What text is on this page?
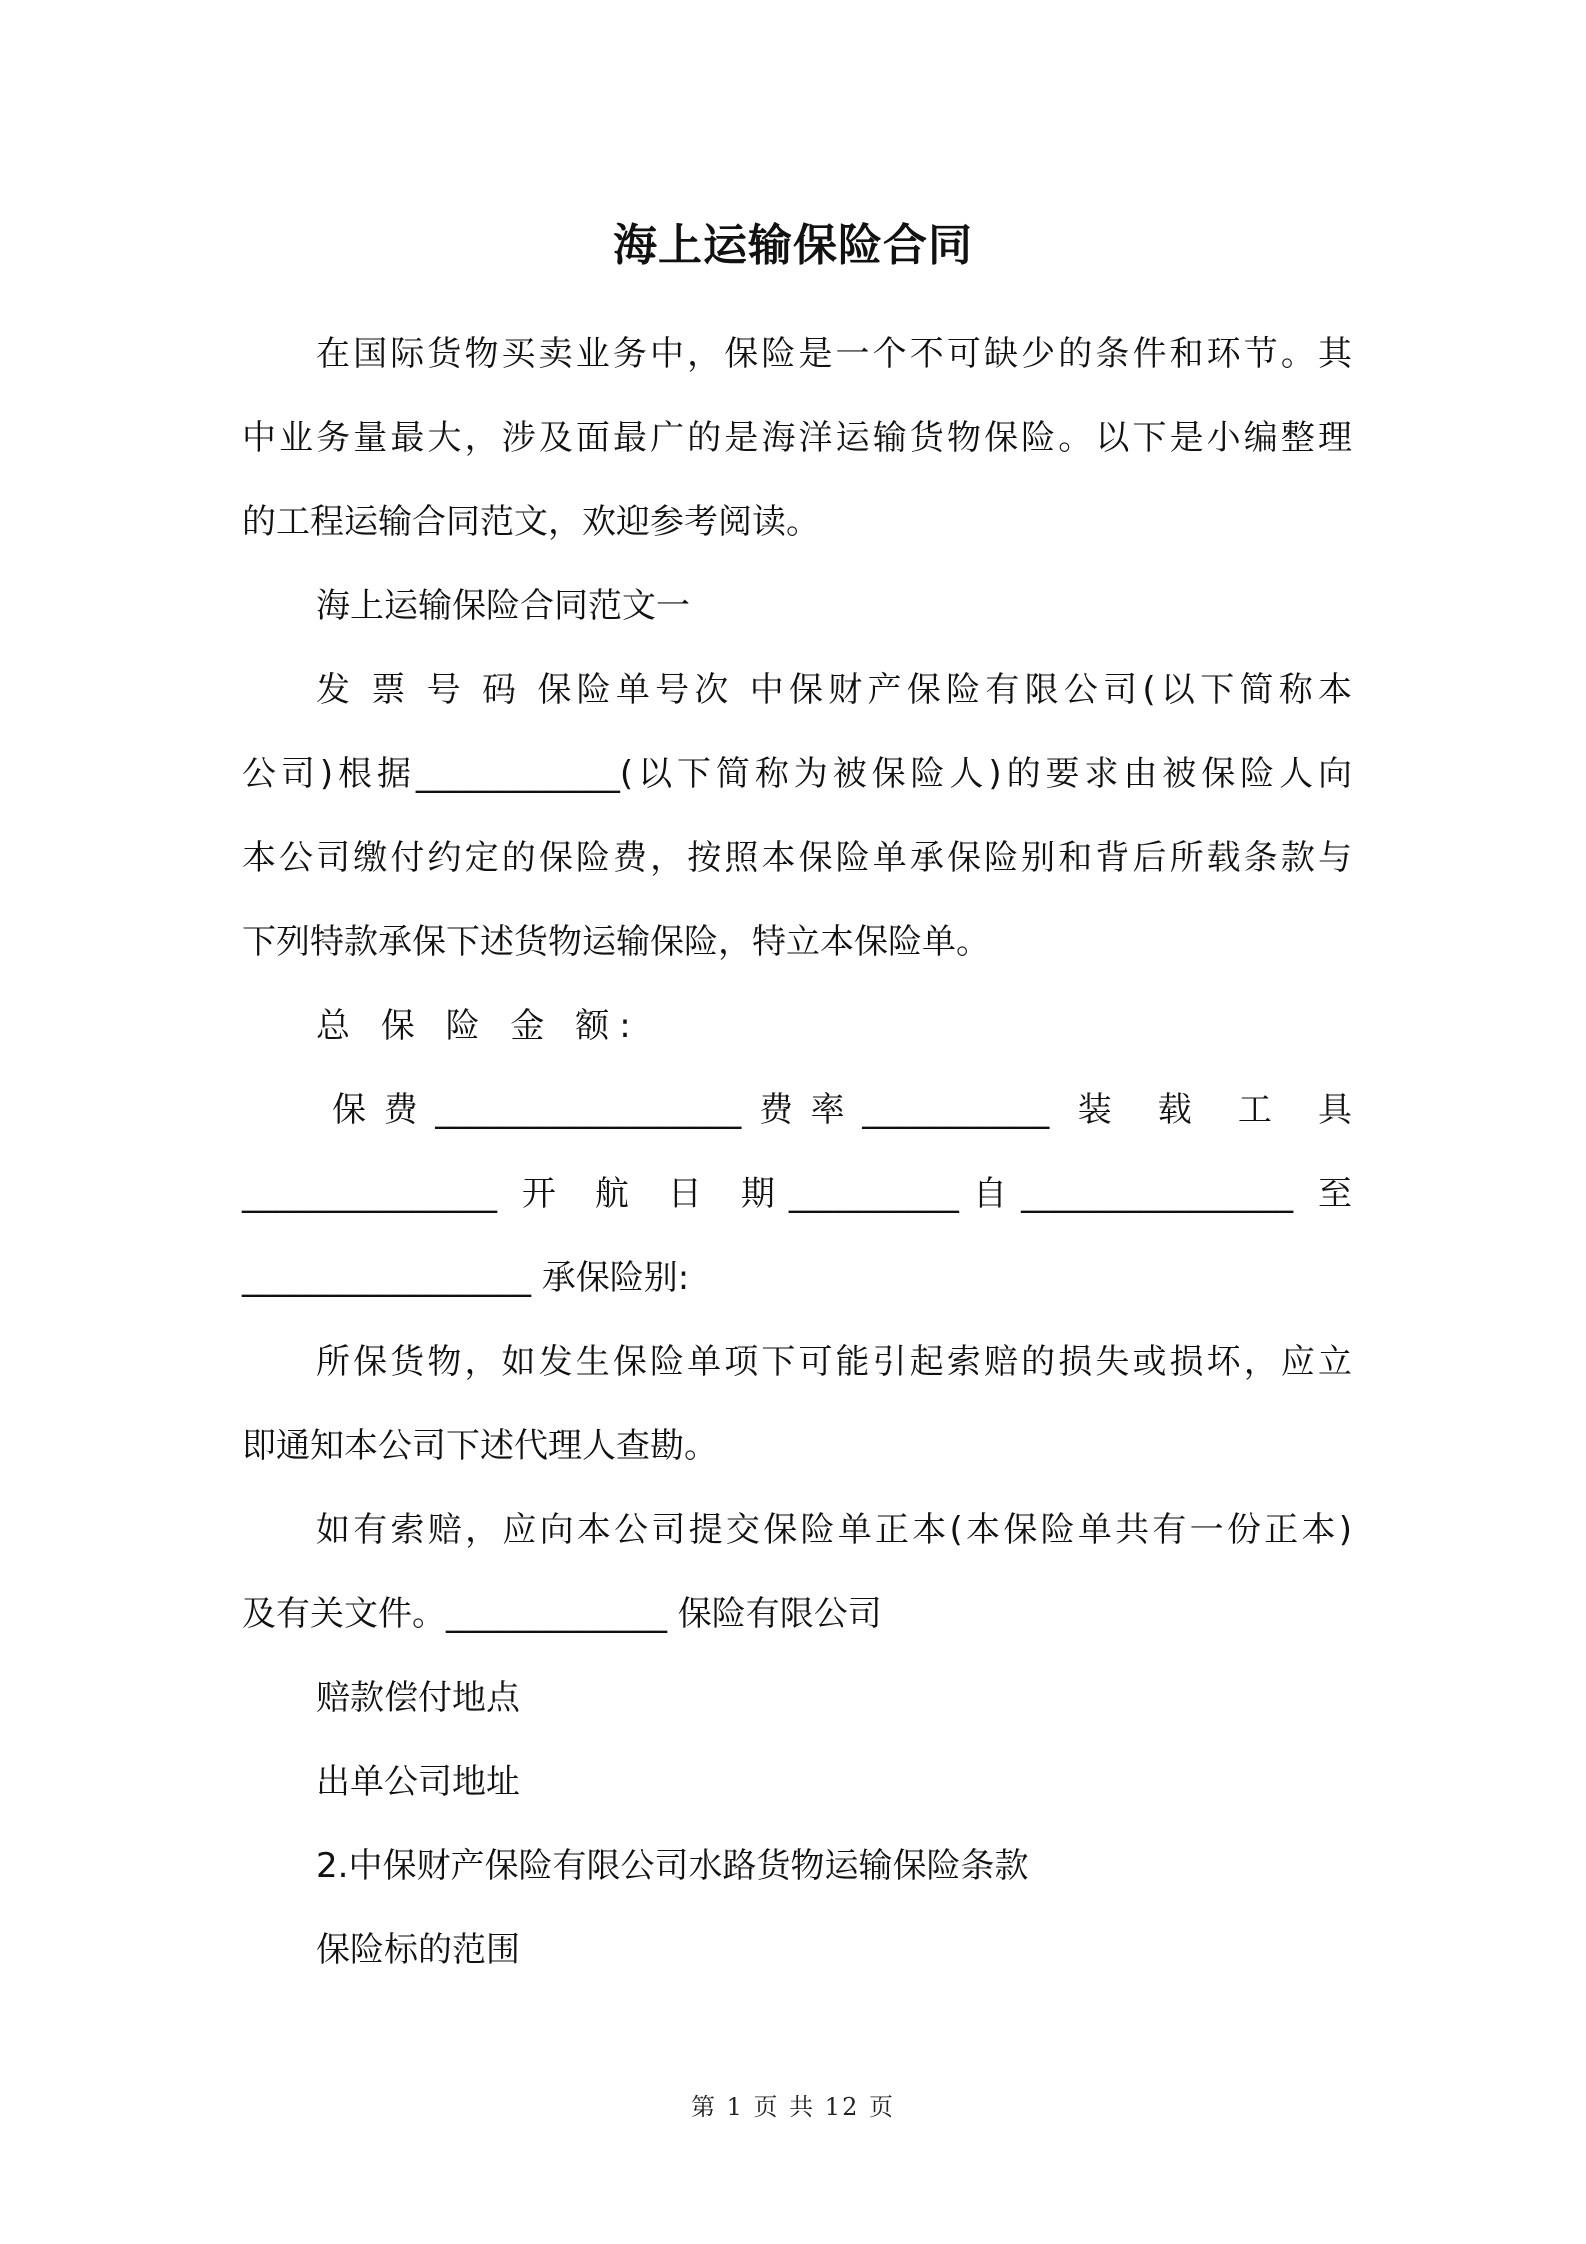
海上运输保险合同
在国际货物买卖业务中，保险是一个不可缺少的条件和环节。其
中业务量最大，涉及面最广的是海洋运输货物保险。以下是小编整理
的工程运输合同范文，欢迎参考阅读。
海上运输保险合同范文一
发 票 号 码 保险单号次 中保财产保险有限公司(以下简称本
公司)根据____________(以下简称为被保险人)的要求由被保险人向
本公司缴付约定的保险费，按照本保险单承保险别和背后所载条款与
下列特款承保下述货物运输保险，特立本保险单。
总 保 险 金 额:
保费__________________费率___________ 装 载 工 具
_______________ 开 航 日 期__________自________________ 至
_________________ 承保险别:
所保货物，如发生保险单项下可能引起索赔的损失或损坏，应立
即通知本公司下述代理人查勘。
如有索赔，应向本公司提交保险单正本(本保险单共有一份正本)
及有关文件。_____________ 保险有限公司
赔款偿付地点
出单公司地址
2.中保财产保险有限公司水路货物运输保险条款
保险标的范围
第 1 页 共 12 页
